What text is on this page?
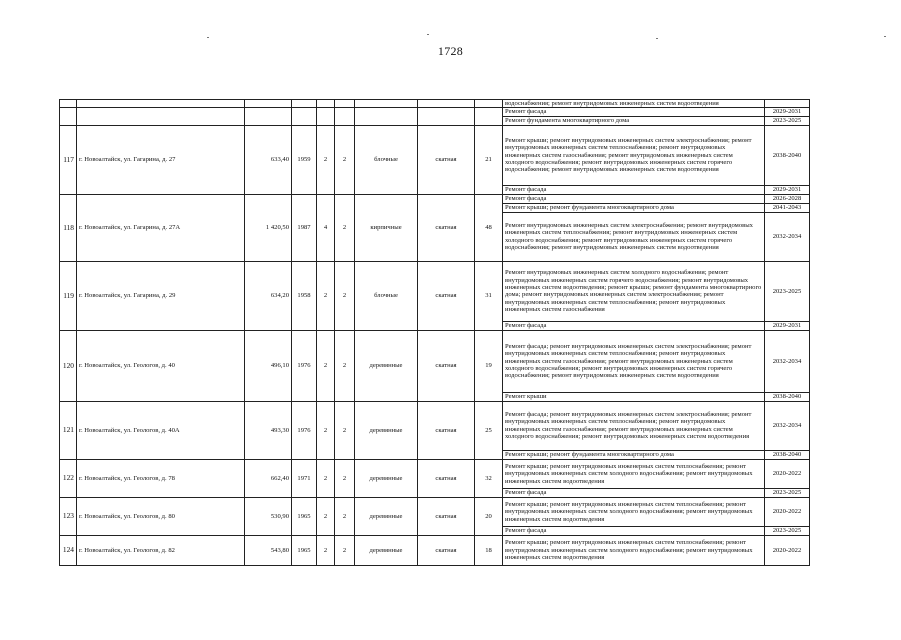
1728
									водоснабжения; ремонт внутридомовых инженерных систем водоотведения	
									Ремонт фасада	2029-2031
									Ремонт фундамента многоквартирного дома	2023-2025
117	г. Новоалтайск, ул. Гагарина, д. 27	633,40	1959	2	2	блочные	скатная	21	Ремонт крыши; ремонт внутридомовых инженерных систем электроснабжения; ремонт внутридомовых инженерных систем теплоснабжения; ремонт внутридомовых инженерных систем газоснабжения; ремонт внутридомовых инженерных систем холодного водоснабжения; ремонт внутридомовых инженерных систем горячего водоснабжения; ремонт внутридомовых инженерных систем водоотведения	2038-2040
									Ремонт фасада	2029-2031
118	г. Новоалтайск, ул. Гагарина, д. 27А	1 420,50	1987	4	2	кирпичные	скатная	48	Ремонт фасада	2026-2028
									Ремонт крыши; ремонт фундамента многоквартирного дома	2041-2043
									Ремонт внутридомовых инженерных систем электроснабжения; ремонт внутридомовых инженерных систем теплоснабжения; ремонт внутридомовых инженерных систем холодного водоснабжения; ремонт внутридомовых инженерных систем горячего водоснабжения; ремонт внутридомовых инженерных систем водоотведения	2032-2034
119	г. Новоалтайск, ул. Гагарина, д. 29	634,20	1958	2	2	блочные	скатная	31	Ремонт внутридомовых инженерных систем холодного водоснабжения; ремонт внутридомовых инженерных систем горячего водоснабжения; ремонт внутридомовых инженерных систем водоотведения; ремонт крыши; ремонт фундамента многоквартирного дома; ремонт внутридомовых инженерных систем электроснабжения; ремонт внутридомовых инженерных систем теплоснабжения; ремонт внутридомовых инженерных систем газоснабжения	2023-2025
									Ремонт фасада	2029-2031
120	г. Новоалтайск, ул. Геологов, д. 40	496,10	1976	2	2	деревянные	скатная	19	Ремонт фасада; ремонт внутридомовых инженерных систем электроснабжения; ремонт внутридомовых инженерных систем теплоснабжения; ремонт внутридомовых инженерных систем газоснабжения; ремонт внутридомовых инженерных систем холодного водоснабжения; ремонт внутридомовых инженерных систем горячего водоснабжения; ремонт внутридомовых инженерных систем водоотведения	2032-2034
									Ремонт крыши	2038-2040
121	г. Новоалтайск, ул. Геологов, д. 40А	493,30	1976	2	2	деревянные	скатная	25	Ремонт фасада; ремонт внутридомовых инженерных систем электроснабжения; ремонт внутридомовых инженерных систем теплоснабжения; ремонт внутридомовых инженерных систем газоснабжения; ремонт внутридомовых инженерных систем холодного водоснабжения; ремонт внутридомовых инженерных систем водоотведения	2032-2034
									Ремонт крыши; ремонт фундамента многоквартирного дома	2038-2040
122	г. Новоалтайск, ул. Геологов, д. 78	662,40	1971	2	2	деревянные	скатная	32	Ремонт крыши; ремонт внутридомовых инженерных систем теплоснабжения; ремонт внутридомовых инженерных систем холодного водоснабжения; ремонт внутридомовых инженерных систем водоотведения	2020-2022
									Ремонт фасада	2023-2025
123	г. Новоалтайск, ул. Геологов, д. 80	530,90	1965	2	2	деревянные	скатная	20	Ремонт крыши; ремонт внутридомовых инженерных систем теплоснабжения; ремонт внутридомовых инженерных систем холодного водоснабжения; ремонт внутридомовых инженерных систем водоотведения	2020-2022
									Ремонт фасада	2023-2025
124	г. Новоалтайск, ул. Геологов, д. 82	543,80	1965	2	2	деревянные	скатная	18	Ремонт крыши; ремонт внутридомовых инженерных систем теплоснабжения; ремонт внутридомовых инженерных систем холодного водоснабжения; ремонт внутридомовых инженерных систем водоотведения	2020-2022
